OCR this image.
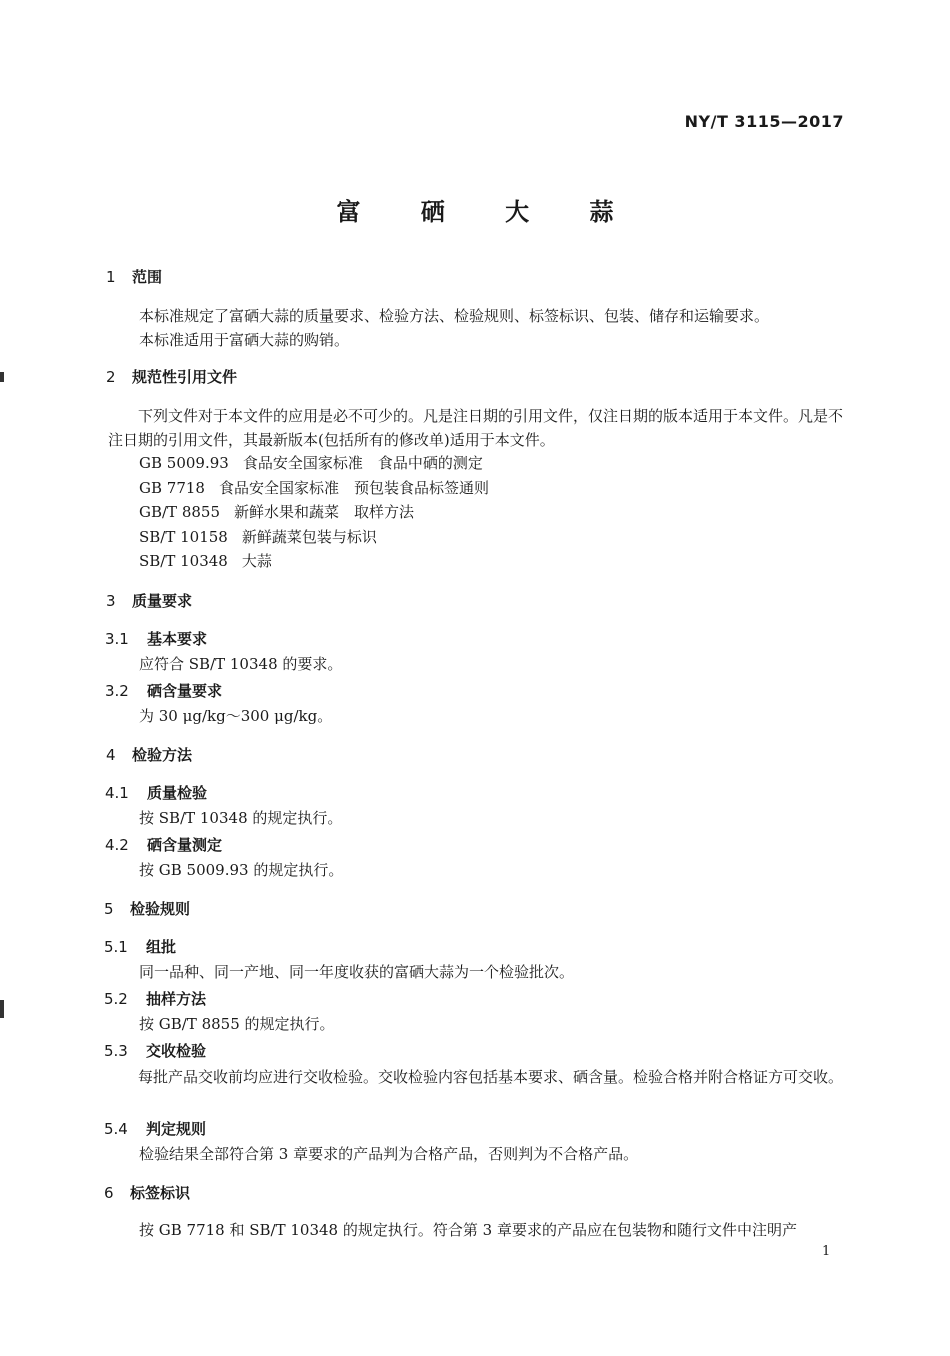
NY/T 3115—2017
富 硒 大 蒜
1 范围
本标准规定了富硒大蒜的质量要求、检验方法、检验规则、标签标识、包装、储存和运输要求。
本标准适用于富硒大蒜的购销。
2 规范性引用文件
下列文件对于本文件的应用是必不可少的。凡是注日期的引用文件，仅注日期的版本适用于本文件。凡是不注日期的引用文件，其最新版本(包括所有的修改单)适用于本文件。
GB 5009.93 食品安全国家标准　食品中硒的测定
GB 7718 食品安全国家标准　预包装食品标签通则
GB/T 8855 新鲜水果和蔬菜　取样方法
SB/T 10158 新鲜蔬菜包装与标识
SB/T 10348 大蒜
3 质量要求
3.1 基本要求
应符合 SB/T 10348 的要求。
3.2 硒含量要求
为 30 μg/kg～300 μg/kg。
4 检验方法
4.1 质量检验
按 SB/T 10348 的规定执行。
4.2 硒含量测定
按 GB 5009.93 的规定执行。
5 检验规则
5.1 组批
同一品种、同一产地、同一年度收获的富硒大蒜为一个检验批次。
5.2 抽样方法
按 GB/T 8855 的规定执行。
5.3 交收检验
每批产品交收前均应进行交收检验。交收检验内容包括基本要求、硒含量。检验合格并附合格证方可交收。
5.4 判定规则
检验结果全部符合第 3 章要求的产品判为合格产品，否则判为不合格产品。
6 标签标识
按 GB 7718 和 SB/T 10348 的规定执行。符合第 3 章要求的产品应在包装物和随行文件中注明产
1
